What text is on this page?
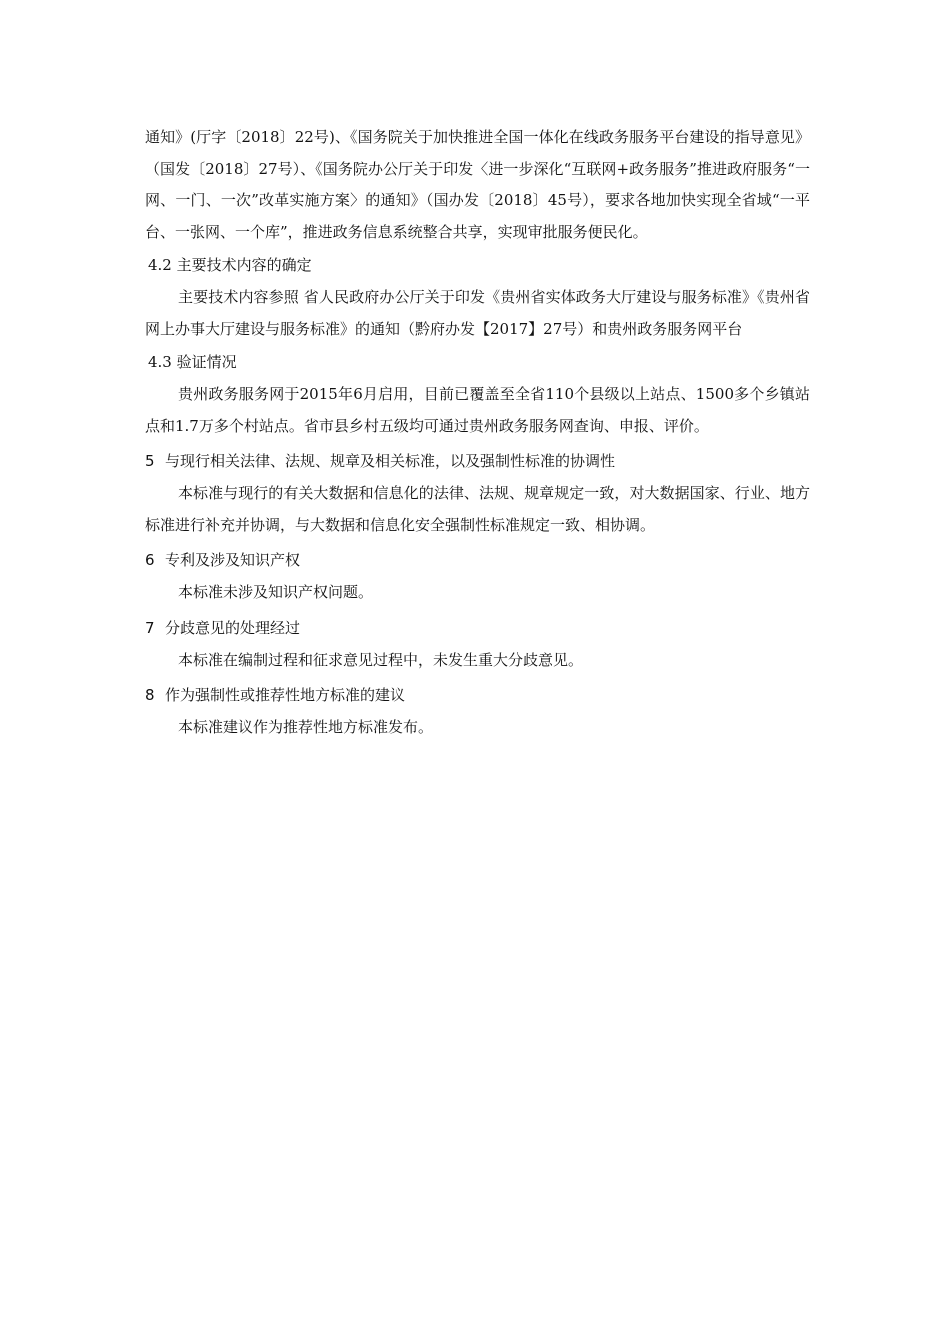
通知》(厅字〔2018〕22号)、《国务院关于加快推进全国一体化在线政务服务平台建设的指导意见》（国发〔2018〕27号）、《国务院办公厅关于印发〈进一步深化“互联网+政务服务”推进政府服务“一网、一门、一次”改革实施方案〉的通知》（国办发〔2018〕45号），要求各地加快实现全省域“一平台、一张网、一个库”，推进政务信息系统整合共享，实现审批服务便民化。

4.2 主要技术内容的确定

主要技术内容参照 省人民政府办公厅关于印发《贵州省实体政务大厅建设与服务标准》《贵州省网上办事大厅建设与服务标准》的通知（黔府办发【2017】27号）和贵州政务服务网平台

4.3 验证情况

贵州政务服务网于2015年6月启用，目前已覆盖至全省110个县级以上站点、1500多个乡镇站点和1.7万多个村站点。省市县乡村五级均可通过贵州政务服务网查询、申报、评价。

5 与现行相关法律、法规、规章及相关标准，以及强制性标准的协调性

本标准与现行的有关大数据和信息化的法律、法规、规章规定一致，对大数据国家、行业、地方标准进行补充并协调，与大数据和信息化安全强制性标准规定一致、相协调。

6 专利及涉及知识产权

本标准未涉及知识产权问题。

7 分歧意见的处理经过

本标准在编制过程和征求意见过程中，未发生重大分歧意见。

8 作为强制性或推荐性地方标准的建议

本标准建议作为推荐性地方标准发布。
